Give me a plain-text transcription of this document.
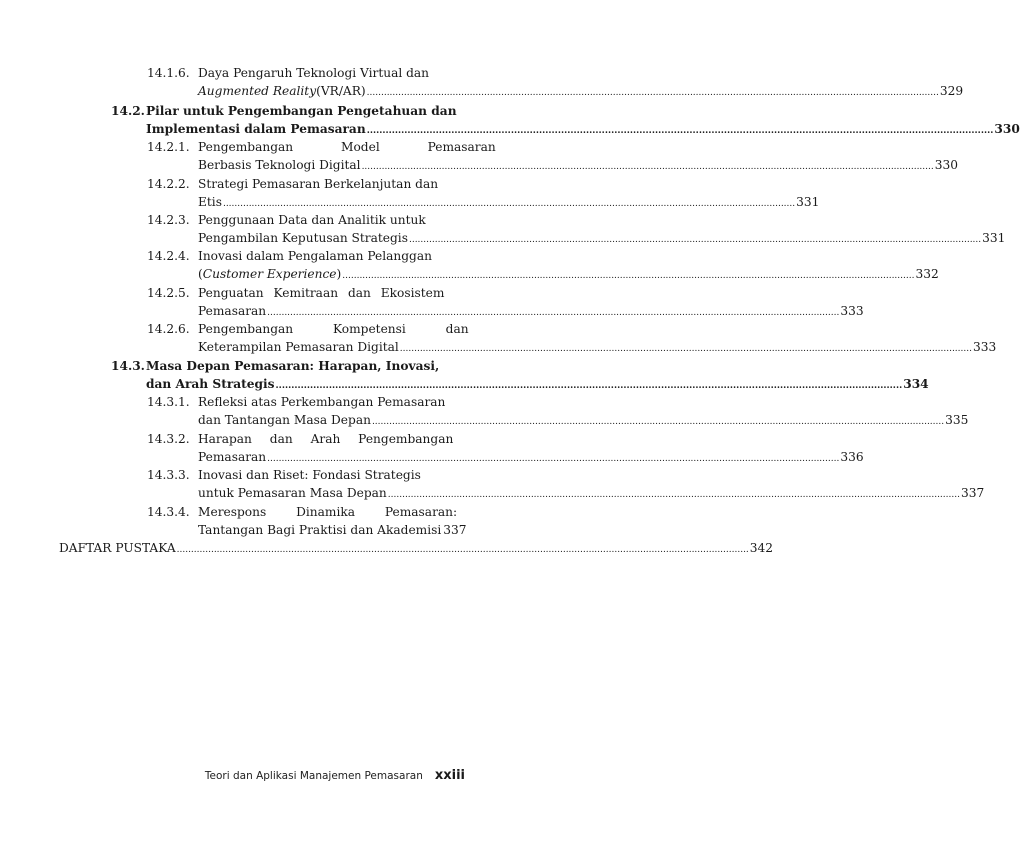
14.1.6. Daya Pengaruh Teknologi Virtual dan
Augmented Reality (VR/AR) .....	329
14.2. Pilar untuk Pengembangan Pengetahuan dan
Implementasi dalam Pemasaran .....	330
14.2.1. Pengembangan Model Pemasaran
Berbasis Teknologi Digital .....	330
14.2.2. Strategi Pemasaran Berkelanjutan dan
Etis .....	331
14.2.3. Penggunaan Data dan Analitik untuk
Pengambilan Keputusan Strategis .....	331
14.2.4. Inovasi dalam Pengalaman Pelanggan
( Customer Experience ) .....	332
14.2.5. Penguatan Kemitraan dan Ekosistem
Pemasaran .....	333
14.2.6. Pengembangan Kompetensi dan
Keterampilan Pemasaran Digital .....	333
14.3. Masa Depan Pemasaran: Harapan, Inovasi,
dan Arah Strategis .....	334
14.3.1. Refleksi atas Perkembangan Pemasaran
dan Tantangan Masa Depan .....	335
14.3.2. Harapan dan Arah Pengembangan
Pemasaran .....	336
14.3.3. Inovasi dan Riset: Fondasi Strategis
untuk Pemasaran Masa Depan .....	337
14.3.4. Merespons Dinamika Pemasaran:
Tantangan Bagi Praktisi dan Akademisi 337
DAFTAR PUSTAKA .....	342
Teori dan Aplikasi Manajemen Pemasaran xxiii
